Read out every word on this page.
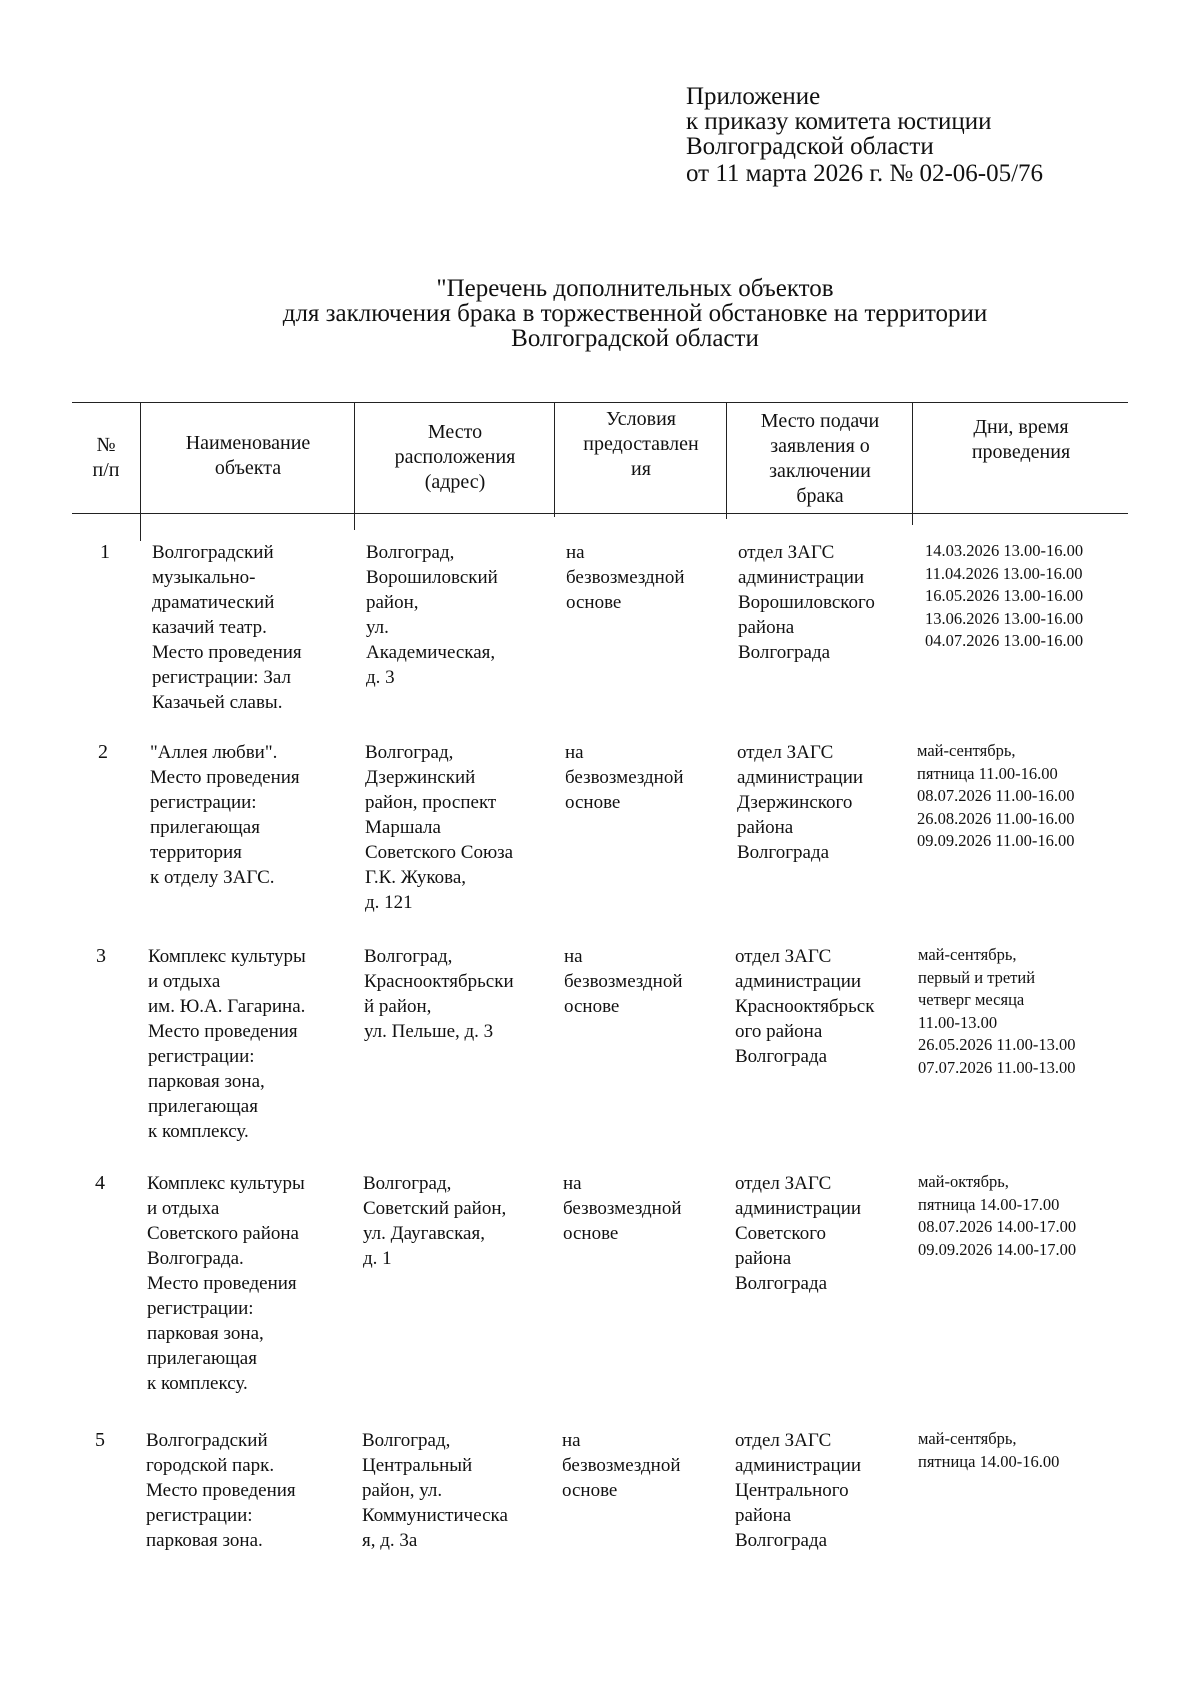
Приложение
к приказу комитета юстиции
Волгоградской области
от 11 марта 2026 г. № 02-06-05/76
"Перечень дополнительных объектов
для заключения брака в торжественной обстановке на территории
Волгоградской области
№
п/п
Наименование
объекта
Место
расположения
(адрес)
Условия
предоставлен
ия
Место подачи
заявления о
заключении
брака
Дни, время
проведения
1 Волгоградский
музыкально-
драматический
казачий театр.
Место проведения
регистрации: Зал
Казачьей славы.
Волгоград,
Ворошиловский
район,
ул.
Академическая,
д. 3
на
безвозмездной
основе
отдел ЗАГС
администрации
Ворошиловского
района
Волгограда
14.03.2026 13.00-16.00
11.04.2026 13.00-16.00
16.05.2026 13.00-16.00
13.06.2026 13.00-16.00
04.07.2026 13.00-16.00
2 "Аллея любви".
Место проведения
регистрации:
прилегающая
территория
к отделу ЗАГС.
Волгоград,
Дзержинский
район, проспект
Маршала
Советского Союза
Г.К. Жукова,
д. 121
на
безвозмездной
основе
отдел ЗАГС
администрации
Дзержинского
района
Волгограда
май-сентябрь,
пятница 11.00-16.00
08.07.2026 11.00-16.00
26.08.2026 11.00-16.00
09.09.2026 11.00-16.00
3 Комплекс культуры
и отдыха
им. Ю.А. Гагарина.
Место проведения
регистрации:
парковая зона,
прилегающая
к комплексу.
Волгоград,
Краснооктябрьски
й район,
ул. Пельше, д. 3
на
безвозмездной
основе
отдел ЗАГС
администрации
Краснооктябрьск
ого района
Волгограда
май-сентябрь,
первый и третий
четверг месяца
11.00-13.00
26.05.2026 11.00-13.00
07.07.2026 11.00-13.00
4 Комплекс культуры
и отдыха
Советского района
Волгограда.
Место проведения
регистрации:
парковая зона,
прилегающая
к комплексу.
Волгоград,
Советский район,
ул. Даугавская,
д. 1
на
безвозмездной
основе
отдел ЗАГС
администрации
Советского
района
Волгограда
май-октябрь,
пятница 14.00-17.00
08.07.2026 14.00-17.00
09.09.2026 14.00-17.00
5 Волгоградский
городской парк.
Место проведения
регистрации:
парковая зона.
Волгоград,
Центральный
район, ул.
Коммунистическа
я, д. 3а
на
безвозмездной
основе
отдел ЗАГС
администрации
Центрального
района
Волгограда
май-сентябрь,
пятница 14.00-16.00
